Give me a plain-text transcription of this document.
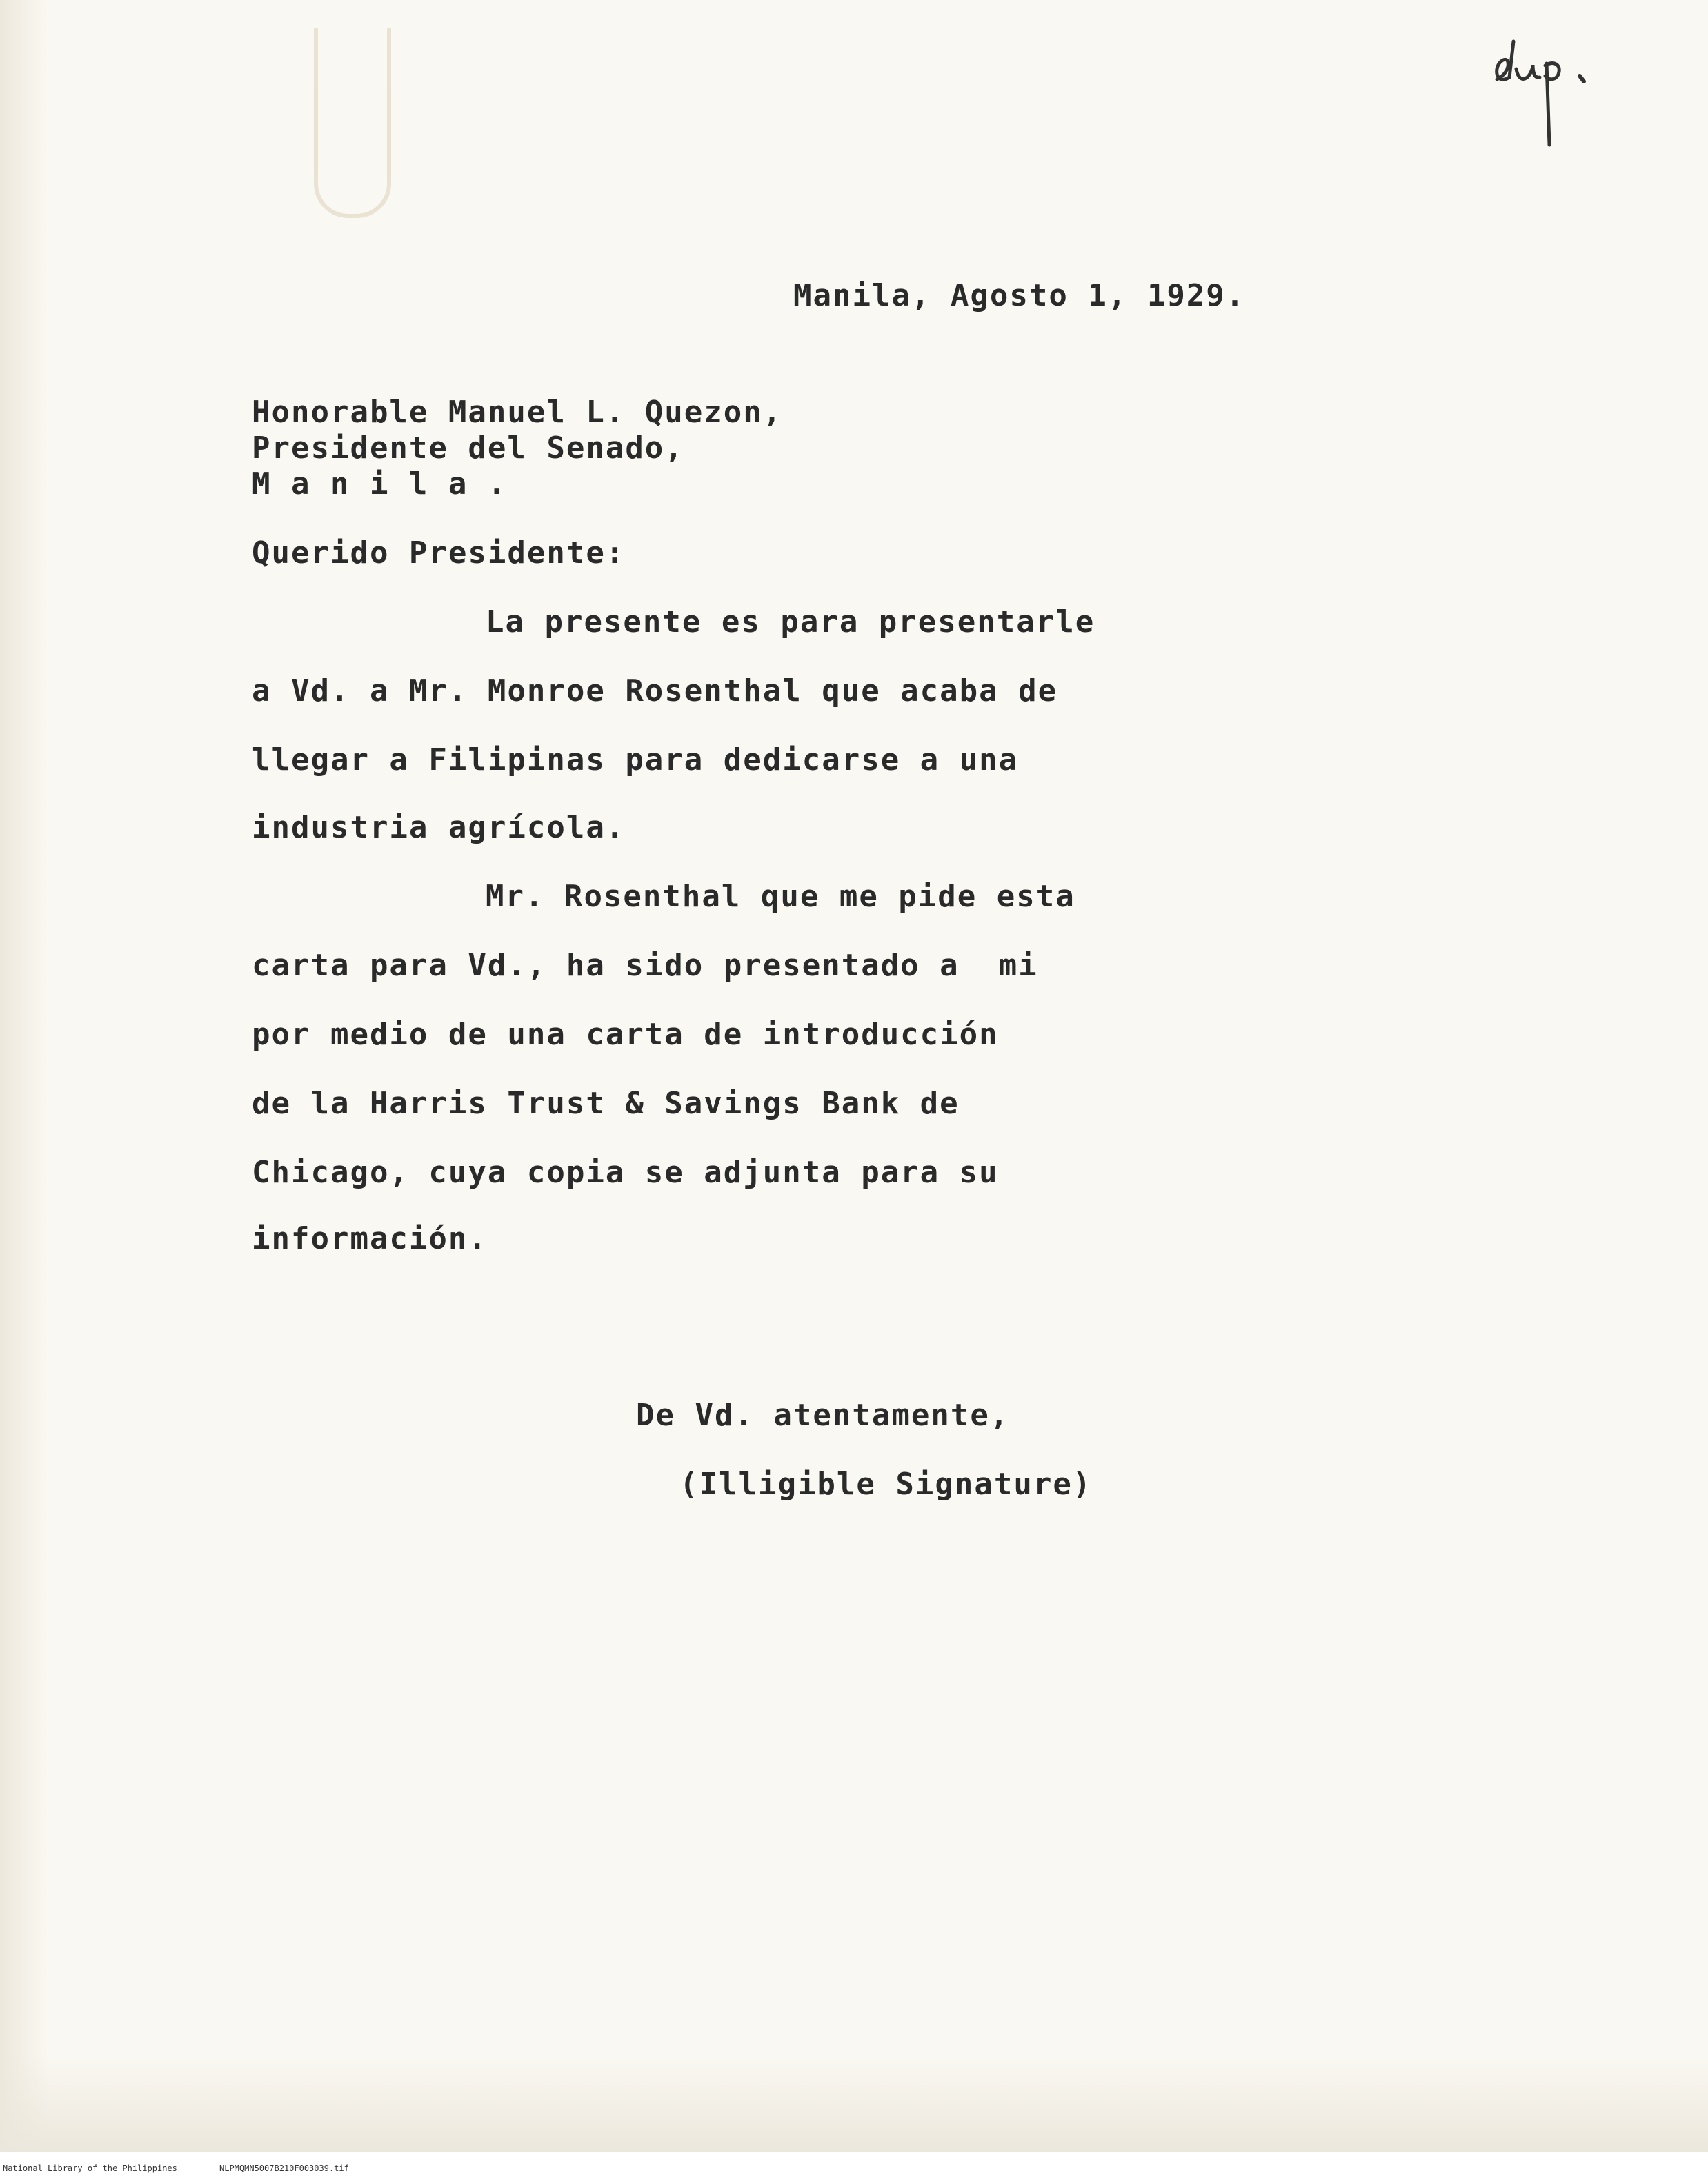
Manila, Agosto 1, 1929.

Honorable Manuel L. Quezon,

Presidente del Senado,

M a n i l a .

Querido Presidente:

La presente es para presentarle

a Vd. a Mr. Monroe Rosenthal que acaba de

llegar a Filipinas para dedicarse a una

industria agrícola.

Mr. Rosenthal que me pide esta

carta para Vd., ha sido presentado a  mi

por medio de una carta de introducción

de la Harris Trust & Savings Bank de

Chicago, cuya copia se adjunta para su

información.

De Vd. atentamente,

(Illigible Signature)

National Library of the Philippines	NLPMQMN5007B210F003039.tif
